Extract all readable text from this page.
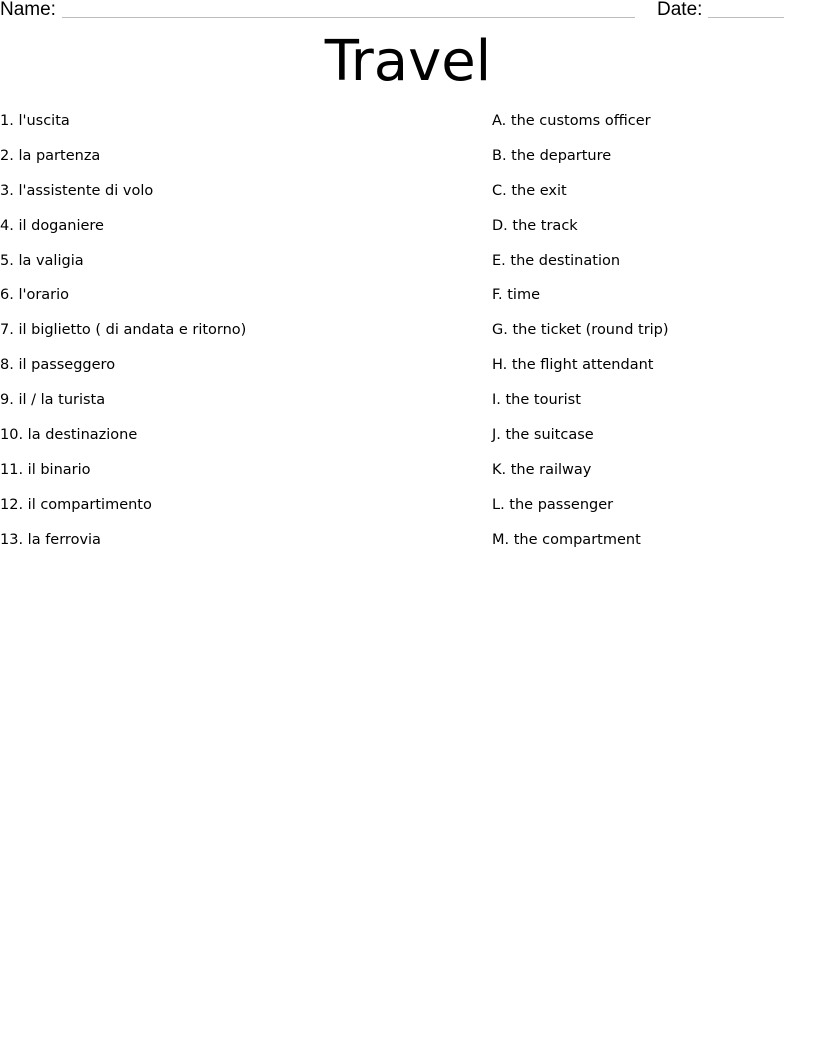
Name:	Date:
Travel
1. l'uscita
2. la partenza
3. l'assistente di volo
4. il doganiere
5. la valigia
6. l'orario
7. il biglietto ( di andata e ritorno)
8. il passeggero
9. il / la turista
10. la destinazione
11. il binario
12. il compartimento
13. la ferrovia
A. the customs officer
B. the departure
C. the exit
D. the track
E. the destination
F. time
G. the ticket (round trip)
H. the flight attendant
I. the tourist
J. the suitcase
K. the railway
L. the passenger
M. the compartment
